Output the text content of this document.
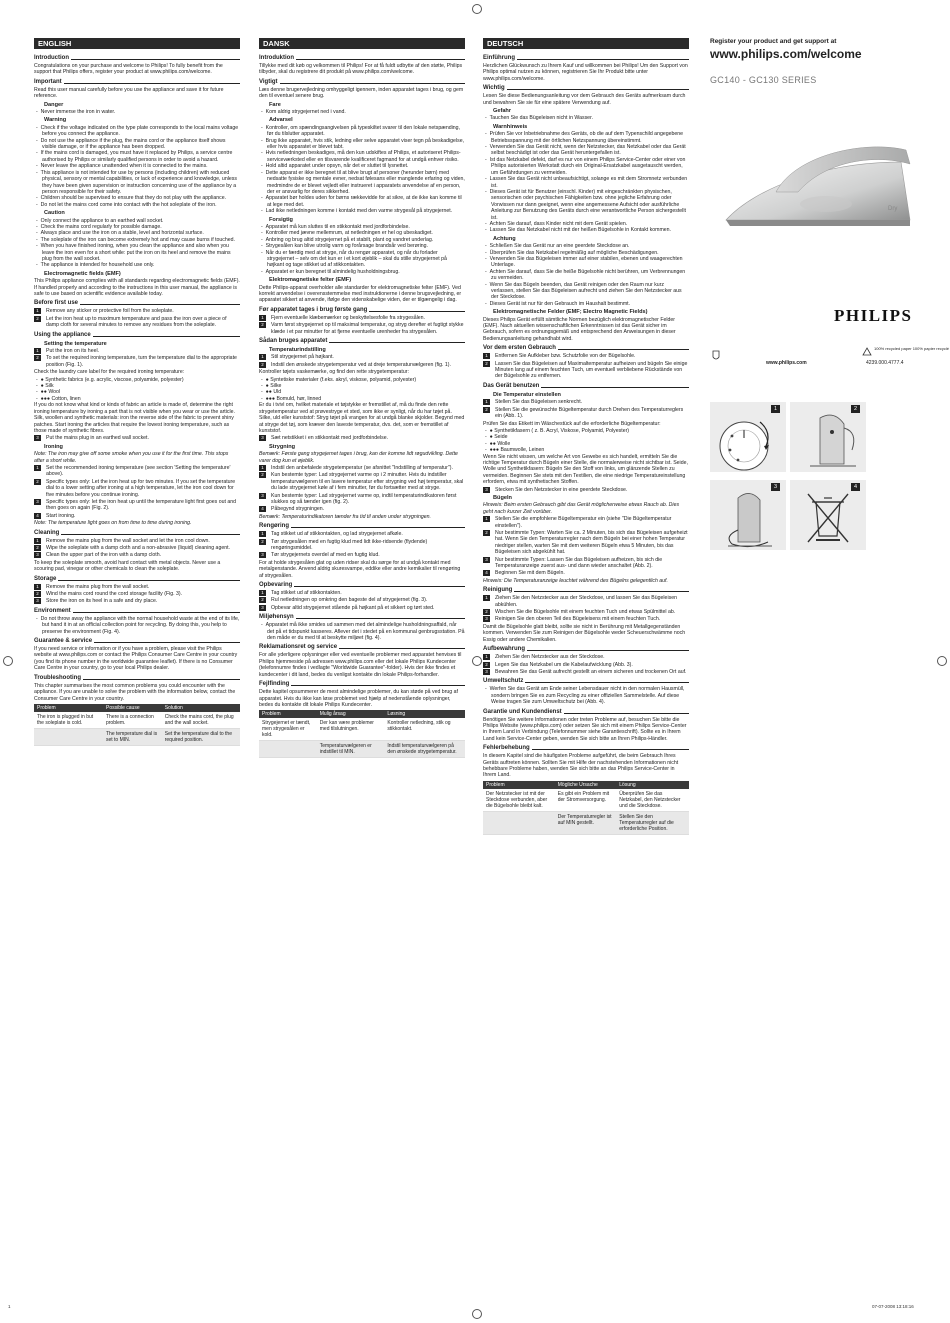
ENGLISH
Introduction
Congratulations on your purchase and welcome to Philips! To fully benefit from the support that Philips offers, register your product at www.philips.com/welcome.
Important
Read this user manual carefully before you use the appliance and save it for future reference.
Danger
-  Never immerse the iron in water.
Warning
-  Check if the voltage indicated on the type plate corresponds to the local mains voltage before you connect the appliance.
-  Do not use the appliance if the plug, the mains cord or the appliance itself shows visible damage, or if the appliance has been dropped.
-  If the mains cord is damaged, you must have it replaced by Philips, a service centre authorised by Philips or similarly qualified persons in order to avoid a hazard.
-  Never leave the appliance unattended when it is connected to the mains.
-  This appliance is not intended for use by persons (including children) with reduced physical, sensory or mental capabilities, or lack of experience and knowledge, unless they have been given supervision or instruction concerning use of the appliance by a person responsible for their safety.
-  Children should be supervised to ensure that they do not play with the appliance.
-  Do not let the mains cord come into contact with the hot soleplate of the iron.
Caution
-  Only connect the appliance to an earthed wall socket.
-  Check the mains cord regularly for possible damage.
-  Always place and use the iron on a stable, level and horizontal surface.
-  The soleplate of the iron can become extremely hot and may cause burns if touched.
-  When you have finished ironing, when you clean the appliance and also when you leave the iron even for a short while: put the iron on its heel and remove the mains plug from the wall socket.
-  The appliance is intended for household use only.
Electromagnetic fields (EMF)
This Philips appliance complies with all standards regarding electromagnetic fields (EMF). If handled properly and according to the instructions in this user manual, the appliance is safe to use based on scientific evidence available today.
Before first use
1	Remove any sticker or protective foil from the soleplate.
2	Let the iron heat up to maximum temperature and pass the iron over a piece of damp cloth for several minutes to remove any residues from the soleplate.
Using the appliance
Setting the temperature
1	Put the iron on its heel.
2	To set the required ironing temperature, turn the temperature dial to the appropriate position (Fig. 1).
Check the laundry care label for the required ironing temperature:
-  ● Synthetic fabrics (e.g. acrylic, viscose, polyamide, polyester)
-  ● Silk
-  ●● Wool
-  ●●● Cotton, linen
If you do not know what kind or kinds of fabric an article is made of, determine the right ironing temperature by ironing a part that is not visible when you wear or use the article. Silk, woollen and synthetic materials: iron the reverse side of the fabric to prevent shiny patches. Start ironing the articles that require the lowest ironing temperature, such as those made of synthetic fibres.
3	Put the mains plug in an earthed wall socket.
Ironing
Note: The iron may give off some smoke when you use it for the first time. This stops after a short while.
1	Set the recommended ironing temperature (see section 'Setting the temperature' above).
2	Specific types only: Let the iron heat up for two minutes. If you set the temperature dial to a lower setting after ironing at a high temperature, let the iron cool down for five minutes before you continue ironing.
3	Specific types only: let the iron heat up until the temperature light first goes out and then goes on again (Fig. 2).
4	Start ironing.
Note: The temperature light goes on from time to time during ironing.
Cleaning
1	Remove the mains plug from the wall socket and let the iron cool down.
2	Wipe the soleplate with a damp cloth and a non-abrasive (liquid) cleaning agent.
3	Clean the upper part of the iron with a damp cloth.
To keep the soleplate smooth, avoid hard contact with metal objects. Never use a scouring pad, vinegar or other chemicals to clean the soleplate.
Storage
1	Remove the mains plug from the wall socket.
2	Wind the mains cord round the cord storage facility (Fig. 3).
3	Store the iron on its heel in a safe and dry place.
Environment
-  Do not throw away the appliance with the normal household waste at the end of its life, but hand it in at an official collection point for recycling. By doing this, you help to preserve the environment (Fig. 4).
Guarantee & service
If you need service or information or if you have a problem, please visit the Philips website at www.philips.com or contact the Philips Consumer Care Centre in your country (you find its phone number in the worldwide guarantee leaflet). If there is no Consumer Care Centre in your country, go to your local Philips dealer.
Troubleshooting
This chapter summarises the most common problems you could encounter with the appliance. If you are unable to solve the problem with the information below, contact the Consumer Care Centre in your country.
Problem	Possible cause	Solution
The iron is plugged in but the soleplate is cold.	There is a connection problem.	Check the mains cord, the plug and the wall socket.
	The temperature dial is set to MIN.	Set the temperature dial to the required position.
DANSK
Introduktion
Tillykke med dit køb og velkommen til Philips! For at få fuldt udbytte af den støtte, Philips tilbyder, skal du registrere dit produkt på www.philips.com/welcome.
Vigtigt
Læs denne brugervejledning omhyggeligt igennem, inden apparatet tages i brug, og gem den til eventuel senere brug.
Fare
-  Kom aldrig strygejernet ned i vand.
Advarsel
-  Kontroller, om spændingsangivelsen på typeskiltet svarer til den lokale netspænding, før du tilslutter apparatet.
-  Brug ikke apparatet, hvis stik, ledning eller selve apparatet viser tegn på beskadigelse, eller hvis apparatet er blevet tabt.
-  Hvis netledningen beskadiges, må den kun udskiftes af Philips, et autoriseret Philips-serviceværksted eller en tilsvarende kvalificeret fagmand for at undgå enhver risiko.
-  Hold altid apparatet under opsyn, når det er sluttet til lysnettet.
-  Dette apparat er ikke beregnet til at blive brugt af personer (herunder børn) med nedsatte fysiske og mentale evner, nedsat følesans eller manglende erfaring og viden, medmindre de er blevet vejledt eller instrueret i apparatets anvendelse af en person, der er ansvarlig for deres sikkerhed.
-  Apparatet bør holdes uden for børns rækkevidde for at sikre, at de ikke kan komme til at lege med det.
-  Lad ikke netledningen komme i kontakt med den varme strygesål på strygejernet.
Forsigtig
-  Apparatet må kun sluttes til en stikkontakt med jordforbindelse.
-  Kontroller med jævne mellemrum, at netledningen er hel og ubeskadiget.
-  Anbring og brug altid strygejernet på et stabilt, plant og vandret underlag.
-  Strygesålen kan blive utrolig varm og forårsage brandsår ved berøring.
-  Når du er færdig med at stryge, når du rengør apparatet, og når du forlader strygejernet – selv om det kun er i et kort øjeblik – skal du stille strygejernet på højkant og tage stikket ud af stikkontakten.
-  Apparatet er kun beregnet til almindelig husholdningsbrug.
Elektromagnetiske felter (EMF)
Dette Philips-apparat overholder alle standarder for elektromagnetiske felter (EMF). Ved korrekt anvendelse i overensstemmelse med instruktionerne i denne brugsvejledning, er apparatet sikkert at anvende, ifølge den videnskabelige viden, der er tilgængelig i dag.
Før apparatet tages i brug første gang
1	Fjern eventuelle klæbemærker og beskyttelsesfolie fra strygesålen.
2	Varm først strygejernet op til maksimal temperatur, og stryg derefter et fugtigt stykke klæde i et par minutter for at fjerne eventuelle urenheder fra strygesålen.
Sådan bruges apparatet
Temperaturindstilling
1	Stil strygejernet på højkant.
2	Indstil den ønskede strygetemperatur ved at dreje temperaturvælgeren (fig. 1).
Kontroller tøjets vaskemærke, og find den rette strygetemperatur:
-  ● Syntetiske materialer (f.eks. akryl, viskose, polyamid, polyester)
-  ● Silke
-  ●● Uld
-  ●●● Bomuld, hør, linned
Er du i tvivl om, hvilket materiale et tøjstykke er fremstillet af, må du finde den rette strygetemperatur ved at prøvestryge et sted, som ikke er synligt, når du har tøjet på. Silke, uld eller kunststof: Stryg tøjet på vrangen for at undgå blanke skjolder. Begynd med at stryge det tøj, som kræver den laveste temperatur, dvs. det, som er fremstillet af kunststof.
3	Sæt netstikket i en stikkontakt med jordforbindelse.
Strygning
Bemærk: Første gang strygejernet tages i brug, kan der komme lidt røgudvikling. Dette varer dog kun et øjeblik.
1	Indstil den anbefalede strygetemperatur (se afsnittet "Indstilling af temperatur").
2	Kun bestemte typer: Lad strygejernet varme op i 2 minutter. Hvis du indstiller temperaturvælgeren til en lavere temperatur efter strygning ved høj temperatur, skal du lade strygejernet køle af i fem minutter, før du fortsætter med at stryge.
3	Kun bestemte typer: Lad strygejernet varme op, indtil temperaturindikatoren først slukkes og så tænder igen (fig. 2).
4	Påbegynd strygningen.
Bemærk: Temperaturindikatoren tænder fra tid til anden under strygningen.
Rengøring
1	Tag stikket ud af stikkontakten, og lad strygejernet afkøle.
2	Tør strygesålen med en fugtig klud med lidt ikke-ridsende (flydende) rengøringsmiddel.
3	Tør strygejernets overdel af med en fugtig klud.
For at holde strygesålen glat og uden ridser skal du sørge for at undgå kontakt med metalgenstande. Anvend aldrig skuresvampe, eddike eller andre kemikalier til rengøring af strygesålen.
Opbevaring
1	Tag stikket ud af stikkontakten.
2	Rul netledningen op omkring den bageste del af strygejernet (fig. 3).
3	Opbevar altid strygejernet stående på højkant på et sikkert og tørt sted.
Miljøhensyn
-  Apparatet må ikke smides ud sammen med det almindelige husholdningsaffald, når det på et tidspunkt kasseres. Aflever det i stedet på en kommunal genbrugsstation. På den måde er du med til at beskytte miljøet (fig. 4).
Reklamationsret og service
For alle yderligere oplysninger eller ved eventuelle problemer med apparatet henvises til Philips hjemmeside på adressen www.philips.com eller det lokale Philips Kundecenter (telefonnumre findes i vedlagte "Worldwide Guarantee"-folder). Hvis der ikke findes et kundecenter i dit land, bedes du venligst kontakte din lokale Philips-forhandler.
Fejlfinding
Dette kapitel opsummerer de mest almindelige problemer, du kan støde på ved brug af apparatet. Hvis du ikke kan løse problemet ved hjælp af nedenstående oplysninger, bedes du kontakte dit lokale Philips Kundecenter.
Problem	Mulig årsag	Løsning
Strygejernet er tændt, men strygesålen er kold.	Der kan være problemer med tilslutningen.	Kontroller netledning, stik og stikkontakt.
	Temperaturvælgeren er indstillet til MIN.	Indstil temperaturvælgeren på den ønskede strygetemperatur.
DEUTSCH
Einführung
Herzlichen Glückwunsch zu Ihrem Kauf und willkommen bei Philips! Um den Support von Philips optimal nutzen zu können, registrieren Sie Ihr Produkt bitte unter www.philips.com/welcome.
Wichtig
Lesen Sie diese Bedienungsanleitung vor dem Gebrauch des Geräts aufmerksam durch und bewahren Sie sie für eine spätere Verwendung auf.
Gefahr
-  Tauchen Sie das Bügeleisen nicht in Wasser.
Warnhinweis
-  Prüfen Sie vor Inbetriebnahme des Geräts, ob die auf dem Typenschild angegebene Betriebsspannung mit der örtlichen Netzspannung übereinstimmt.
-  Verwenden Sie das Gerät nicht, wenn der Netzstecker, das Netzkabel oder das Gerät selbst beschädigt ist oder das Gerät heruntergefallen ist.
-  Ist das Netzkabel defekt, darf es nur von einem Philips Service-Center oder einer von Philips autorisierten Werkstatt durch ein Original-Ersatzkabel ausgetauscht werden, um Gefährdungen zu vermeiden.
-  Lassen Sie das Gerät nicht unbeaufsichtigt, solange es mit dem Stromnetz verbunden ist.
-  Dieses Gerät ist für Benutzer (einschl. Kinder) mit eingeschränkten physischen, sensorischen oder psychischen Fähigkeiten bzw. ohne jegliche Erfahrung oder Vorwissen nur dann geeignet, wenn eine angemessene Aufsicht oder ausführliche Anleitung zur Benutzung des Geräts durch eine verantwortliche Person sichergestellt ist.
-  Achten Sie darauf, dass Kinder nicht mit dem Gerät spielen.
-  Lassen Sie das Netzkabel nicht mit der heißen Bügelsohle in Kontakt kommen.
Achtung
-  Schließen Sie das Gerät nur an eine geerdete Steckdose an.
-  Überprüfen Sie das Netzkabel regelmäßig auf mögliche Beschädigungen.
-  Verwenden Sie das Bügeleisen immer auf einer stabilen, ebenen und waagerechten Unterlage.
-  Achten Sie darauf, dass Sie die heiße Bügelsohle nicht berühren, um Verbrennungen zu vermeiden.
-  Wenn Sie das Bügeln beenden, das Gerät reinigen oder den Raum nur kurz verlassen, stellen Sie das Bügeleisen aufrecht und ziehen Sie den Netzstecker aus der Steckdose.
-  Dieses Gerät ist nur für den Gebrauch im Haushalt bestimmt.
Elektromagnetische Felder (EMF; Electro Magnetic Fields)
Dieses Philips Gerät erfüllt sämtliche Normen bezüglich elektromagnetischer Felder (EMF). Nach aktuellen wissenschaftlichen Erkenntnissen ist das Gerät sicher im Gebrauch, sofern es ordnungsgemäß und entsprechend den Anweisungen in dieser Bedienungsanleitung gehandhabt wird.
Vor dem ersten Gebrauch
1	Entfernen Sie Aufkleber bzw. Schutzfolie von der Bügelsohle.
2	Lassen Sie das Bügeleisen auf Maximaltemperatur aufheizen und bügeln Sie einige Minuten lang auf einem feuchten Tuch, um eventuell verbliebene Rückstände von der Bügelsohle zu entfernen.
Das Gerät benutzen
Die Temperatur einstellen
1	Stellen Sie das Bügeleisen senkrecht.
2	Stellen Sie die gewünschte Bügeltemperatur durch Drehen des Temperaturreglers ein (Abb. 1).
Prüfen Sie das Etikett im Wäschestück auf die erforderliche Bügeltemperatur:
-  ● Synthetikfasern ( z. B. Acryl, Viskose, Polyamid, Polyester)
-  ● Seide
-  ●● Wolle
-  ●●● Baumwolle, Leinen
Wenn Sie nicht wissen, um welche Art von Gewebe es sich handelt, ermitteln Sie die richtige Temperatur durch Bügeln einer Stelle, die normalerweise nicht sichtbar ist. Seide, Wolle und Synthetikfasern: Bügeln Sie den Stoff von links, um glänzende Stellen zu vermeiden. Beginnen Sie stets mit den Textilien, die eine niedrige Temperatureinstellung erfordern, etwa mit synthetischen Stoffen.
3	Stecken Sie den Netzstecker in eine geerdete Steckdose.
Bügeln
Hinweis: Beim ersten Gebrauch gibt das Gerät möglicherweise etwas Rauch ab. Dies geht nach kurzer Zeit vorüber.
1	Stellen Sie die empfohlene Bügeltemperatur ein (siehe "Die Bügeltemperatur einstellen").
2	Nur bestimmte Typen: Warten Sie ca. 2 Minuten, bis sich das Bügeleisen aufgeheizt hat. Wenn Sie den Temperaturregler nach dem Bügeln bei einer hohen Temperatur niedriger stellen, warten Sie mit dem weiteren Bügeln etwa 5 Minuten, bis das Bügeleisen sich abgekühlt hat.
3	Nur bestimmte Typen: Lassen Sie das Bügeleisen aufheizen, bis sich die Temperaturanzeige zuerst aus- und dann wieder anschaltet (Abb. 2).
4	Beginnen Sie mit dem Bügeln.
Hinweis: Die Temperaturanzeige leuchtet während des Bügelns gelegentlich auf.
Reinigung
1	Ziehen Sie den Netzstecker aus der Steckdose, und lassen Sie das Bügeleisen abkühlen.
2	Wischen Sie die Bügelsohle mit einem feuchten Tuch und etwas Spülmittel ab.
3	Reinigen Sie den oberen Teil des Bügeleisens mit einem feuchten Tuch.
Damit die Bügelsohle glatt bleibt, sollte sie nicht in Berührung mit Metallgegenständen kommen. Verwenden Sie zum Reinigen der Bügelsohle weder Scheuerschwämme noch Essig oder andere Chemikalien.
Aufbewahrung
1	Ziehen Sie den Netzstecker aus der Steckdose.
2	Legen Sie das Netzkabel um die Kabelaufwicklung (Abb. 3).
3	Bewahren Sie das Gerät aufrecht gestellt an einem sicheren und trockenen Ort auf.
Umweltschutz
-  Werfen Sie das Gerät am Ende seiner Lebensdauer nicht in den normalen Hausmüll, sondern bringen Sie es zum Recycling zu einer offiziellen Sammelstelle. Auf diese Weise tragen Sie zum Umweltschutz bei (Abb. 4).
Garantie und Kundendienst
Benötigen Sie weitere Informationen oder treten Probleme auf, besuchen Sie bitte die Philips Website (www.philips.com) oder setzen Sie sich mit einem Philips Service-Center in Ihrem Land in Verbindung (Telefonnummer siehe Garantieschrift). Sollte es in Ihrem Land kein Service-Center geben, wenden Sie sich bitte an Ihren Philips-Händler.
Fehlerbehebung
In diesem Kapitel sind die häufigsten Probleme aufgeführt, die beim Gebrauch Ihres Geräts auftreten können. Sollten Sie mit Hilfe der nachstehenden Informationen nicht behebbare Probleme haben, wenden Sie sich bitte an das Philips Service-Center in Ihrem Land.
Problem	Mögliche Ursache	Lösung
Der Netzstecker ist mit der Steckdose verbunden, aber die Bügelsohle bleibt kalt.	Es gibt ein Problem mit der Stromversorgung.	Überprüfen Sie das Netzkabel, den Netzstecker und die Steckdose.
	Der Temperaturregler ist auf MIN gestellt.	Stellen Sie den Temperaturregler auf die erforderliche Position.
Register your product and get support at
www.philips.com/welcome
GC140 - GC130 SERIES
Dry
PHILIPS
www.philips.com
100% recycled paper 100% papier recyclé
4239.000.4777.4
1	2
3	4
1	07-07-2008 13:18:16
